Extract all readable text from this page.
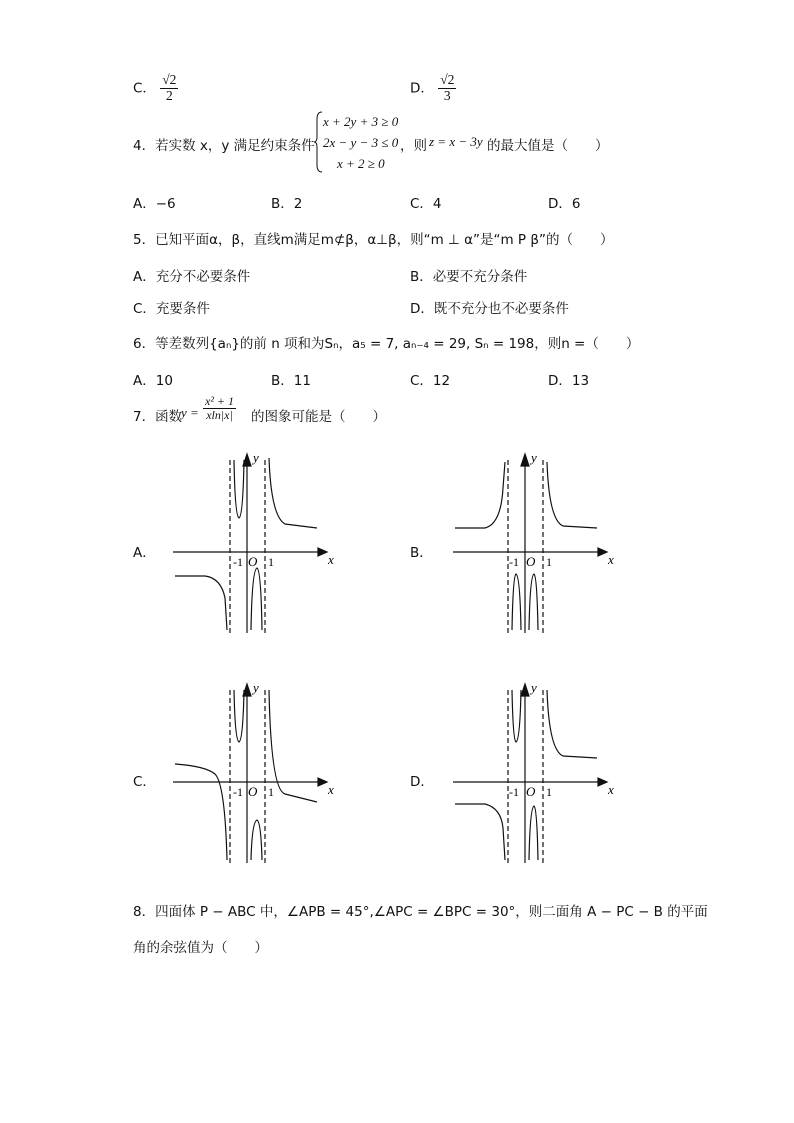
C． $\frac{√2}{2}$	D． $\frac{√2}{3}$
4．若实数 x，y 满足约束条件
x + 2y + 3 ≥ 0
2x − y − 3 ≤ 0
x + 2 ≥ 0
，则 z = x − 3y 的最大值是（　　）
A．−6	B．2	C．4	D．6
5．已知平面α，β，直线m满足m⊄β，α⊥β，则“m ⊥ α”是“m P β”的（　　）
A．充分不必要条件	B．必要不充分条件
C．充要条件	D．既不充分也不必要条件
6．等差数列{aₙ}的前 n 项和为Sₙ，a₅ = 7, aₙ₋₄ = 29, Sₙ = 198，则n =（　　）
A．10	B．11	C．12	D．13
7．函数
$y = \frac{\text{x² + 1}}{xln|x|}$ 的图象可能是（　　）
A．	B．
C．	D．
y
x
-1 O 1
y
x
-1 O 1
y
x
-1 O 1
y
x
-1 O 1
8．四面体 P − ABC 中，∠APB = 45°,∠APC = ∠BPC = 30°，则二面角 A − PC − B 的平面
角的余弦值为（　　）
